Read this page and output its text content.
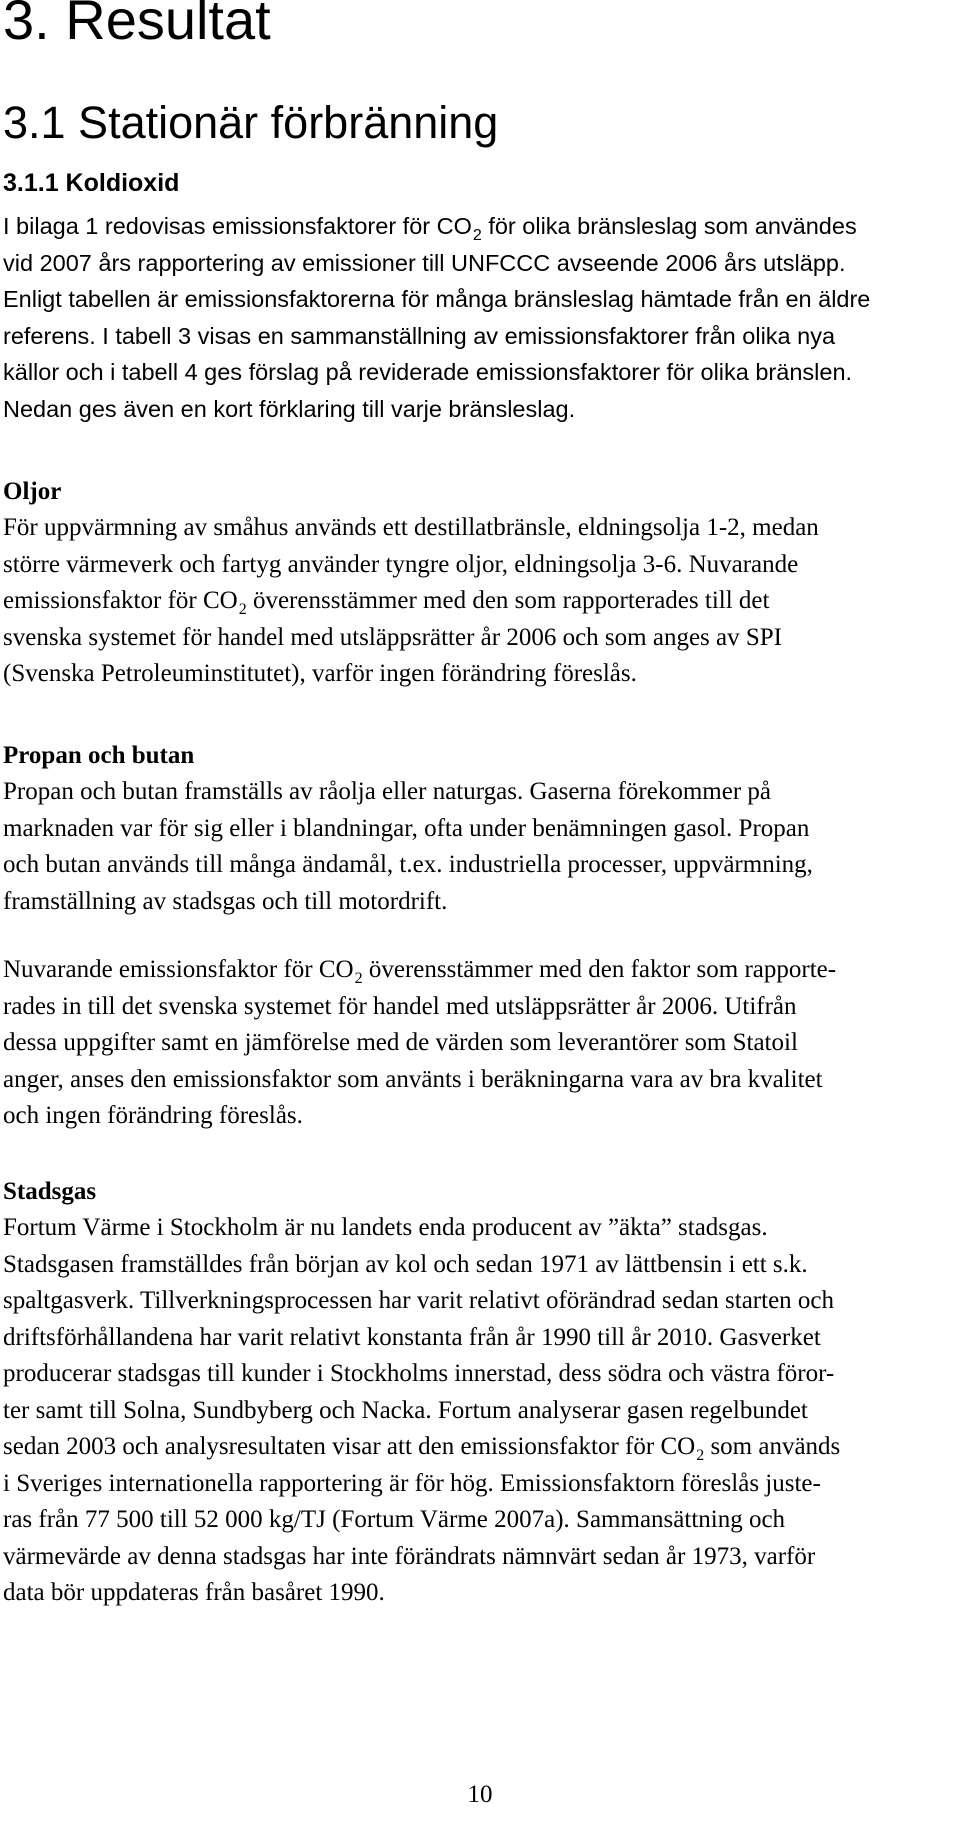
3. Resultat
3.1 Stationär förbränning
3.1.1 Koldioxid
I bilaga 1 redovisas emissionsfaktorer för $CO_2$ för olika bränsleslag som användes
vid 2007 års rapportering av emissioner till UNFCCC avseende 2006 års utsläpp.
Enligt tabellen är emissionsfaktorerna för många bränsleslag hämtade från en äldre
referens. I tabell 3 visas en sammanställning av emissionsfaktorer från olika nya
källor och i tabell 4 ges förslag på reviderade emissionsfaktorer för olika bränslen.
Nedan ges även en kort förklaring till varje bränsleslag.
Oljor
För uppvärmning av småhus används ett destillatbränsle, eldningsolja 1-2, medan
större värmeverk och fartyg använder tyngre oljor, eldningsolja 3-6. Nuvarande
emissionsfaktor för $CO_2$ överensstämmer med den som rapporterades till det
svenska systemet för handel med utsläppsrätter år 2006 och som anges av SPI
(Svenska Petroleuminstitutet), varför ingen förändring föreslås.
Propan och butan
Propan och butan framställs av råolja eller naturgas. Gaserna förekommer på
marknaden var för sig eller i blandningar, ofta under benämningen gasol. Propan
och butan används till många ändamål, t.ex. industriella processer, uppvärmning,
framställning av stadsgas och till motordrift.
Nuvarande emissionsfaktor för $CO_2$ överensstämmer med den faktor som rapporte-
rades in till det svenska systemet för handel med utsläppsrätter år 2006. Utifrån
dessa uppgifter samt en jämförelse med de värden som leverantörer som Statoil
anger, anses den emissionsfaktor som använts i beräkningarna vara av bra kvalitet
och ingen förändring föreslås.
Stadsgas
Fortum Värme i Stockholm är nu landets enda producent av ”äkta” stadsgas.
Stadsgasen framställdes från början av kol och sedan 1971 av lättbensin i ett s.k.
spaltgasverk. Tillverkningsprocessen har varit relativt oförändrad sedan starten och
driftsförhållandena har varit relativt konstanta från år 1990 till år 2010. Gasverket
producerar stadsgas till kunder i Stockholms innerstad, dess södra och västra föror-
ter samt till Solna, Sundbyberg och Nacka. Fortum analyserar gasen regelbundet
sedan 2003 och analysresultaten visar att den emissionsfaktor för $CO_2$ som används
i Sveriges internationella rapportering är för hög. Emissionsfaktorn föreslås juste-
ras från 77 500 till 52 000 kg/TJ (Fortum Värme 2007a). Sammansättning och
värmevärde av denna stadsgas har inte förändrats nämnvärt sedan år 1973, varför
data bör uppdateras från basåret 1990.
10
